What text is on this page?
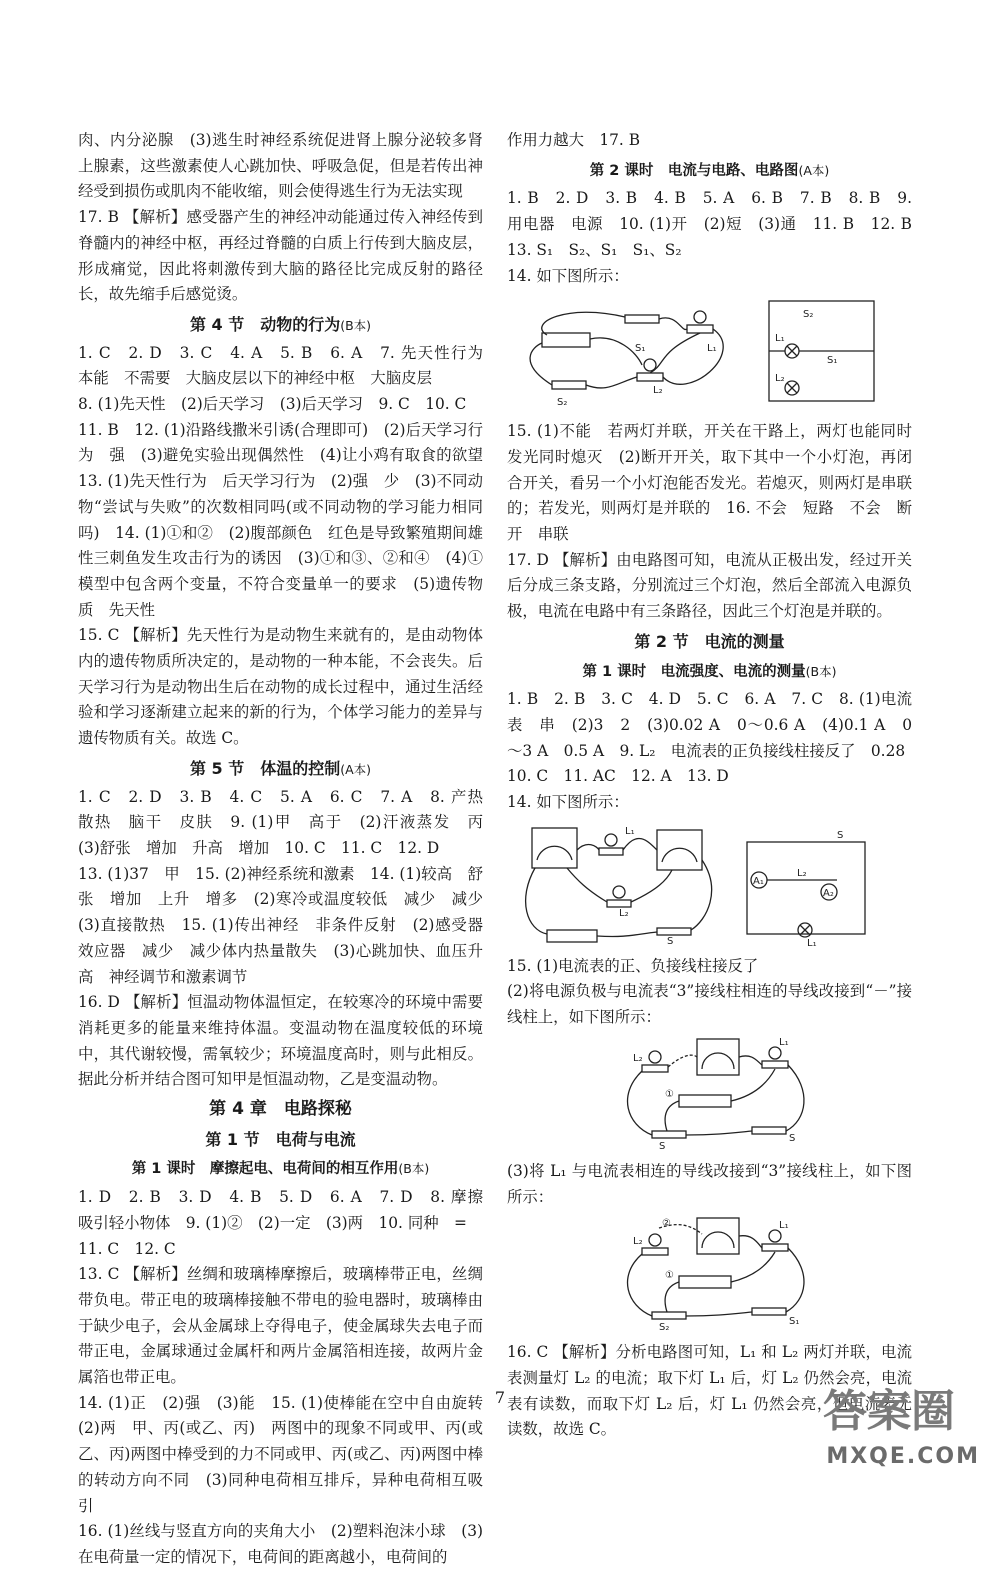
肉、内分泌腺　(3)逃生时神经系统促进肾上腺分泌较多肾上腺素，这些激素使人心跳加快、呼吸急促，但是若传出神经受到损伤或肌肉不能收缩，则会使得逃生行为无法实现

17. B 【解析】感受器产生的神经冲动能通过传入神经传到脊髓内的神经中枢，再经过脊髓的白质上行传到大脑皮层，形成痛觉，因此将刺激传到大脑的路径比完成反射的路径长，故先缩手后感觉烫。

第 4 节　动物的行为(B本)

1. C　2. D　3. C　4. A　5. B　6. A　7. 先天性行为　本能　不需要　大脑皮层以下的神经中枢　大脑皮层

8. (1)先天性　(2)后天学习　(3)后天学习　9. C　10. C

11. B　12. (1)沿路线撒米引诱(合理即可)　(2)后天学习行为　强　(3)避免实验出现偶然性　(4)让小鸡有取食的欲望　13. (1)先天性行为　后天学习行为　(2)强　少　(3)不同动物“尝试与失败”的次数相同吗(或不同动物的学习能力相同吗)　14. (1)①和②　(2)腹部颜色　红色是导致繁殖期间雄性三刺鱼发生攻击行为的诱因　(3)①和③、②和④　(4)①模型中包含两个变量，不符合变量单一的要求　(5)遗传物质　先天性

15. C 【解析】先天性行为是动物生来就有的，是由动物体内的遗传物质所决定的，是动物的一种本能，不会丧失。后天学习行为是动物出生后在动物的成长过程中，通过生活经验和学习逐渐建立起来的新的行为，个体学习能力的差异与遗传物质有关。故选 C。

第 5 节　体温的控制(A本)

1. C　2. D　3. B　4. C　5. A　6. C　7. A　8. 产热　散热　脑干　皮肤　9. (1)甲　高于　(2)汗液蒸发　丙　(3)舒张　增加　升高　增加　10. C　11. C　12. D

13. (1)37　甲　15. (2)神经系统和激素　14. (1)较高　舒张　增加　上升　增多　(2)寒冷或温度较低　减少　减少　(3)直接散热　15. (1)传出神经　非条件反射　(2)感受器　效应器　减少　减少体内热量散失　(3)心跳加快、血压升高　神经调节和激素调节

16. D 【解析】恒温动物体温恒定，在较寒冷的环境中需要消耗更多的能量来维持体温。变温动物在温度较低的环境中，其代谢较慢，需氧较少；环境温度高时，则与此相反。据此分析并结合图可知甲是恒温动物，乙是变温动物。

第 4 章　电路探秘
第 1 节　电荷与电流
第 1 课时　摩擦起电、电荷间的相互作用(B本)

1. D　2. B　3. D　4. B　5. D　6. A　7. D　8. 摩擦　吸引轻小物体　9. (1)②　(2)一定　(3)两　10. 同种　=

11. C　12. C

13. C 【解析】丝绸和玻璃棒摩擦后，玻璃棒带正电，丝绸带负电。带正电的玻璃棒接触不带电的验电器时，玻璃棒由于缺少电子，会从金属球上夺得电子，使金属球失去电子而带正电，金属球通过金属杆和两片金属箔相连接，故两片金属箔也带正电。

14. (1)正　(2)强　(3)能　15. (1)使棒能在空中自由旋转　(2)两　甲、丙(或乙、丙)　两图中的现象不同或甲、丙(或乙、丙)两图中棒受到的力不同或甲、丙(或乙、丙)两图中棒的转动方向不同　(3)同种电荷相互排斥，异种电荷相互吸引

16. (1)丝线与竖直方向的夹角大小　(2)塑料泡沫小球　(3)在电荷量一定的情况下，电荷间的距离越小，电荷间的

作用力越大　17. B

第 2 课时　电流与电路、电路图(A本)

1. B　2. D　3. B　4. B　5. A　6. B　7. B　8. B　9. 用电器　电源　10. (1)开　(2)短　(3)通　11. B　12. B　13. S₁　S₂、S₁　S₁、S₂

14. 如下图所示：

S₁
S₂
L₁
L₂
L₁
L₂
S₂
S₁

15. (1)不能　若两灯并联，开关在干路上，两灯也能同时发光同时熄灭　(2)断开开关，取下其中一个小灯泡，再闭合开关，看另一个小灯泡能否发光。若熄灭，则两灯是串联的；若发光，则两灯是并联的　16. 不会　短路　不会　断开　串联

17. D 【解析】由电路图可知，电流从正极出发，经过开关后分成三条支路，分别流过三个灯泡，然后全部流入电源负极，电流在电路中有三条路径，因此三个灯泡是并联的。

第 2 节　电流的测量
第 1 课时　电流强度、电流的测量(B本)

1. B　2. B　3. C　4. D　5. C　6. A　7. C　8. (1)电流表　串　(2)3　2　(3)0.02 A　0～0.6 A　(4)0.1 A　0～3 A　0.5 A　9. L₂　电流表的正负接线柱接反了　0.28

10. C　11. AC　12. A　13. D

14. 如下图所示：

A₁
A₂
L₂
L₁
S
L₂
L₁
S

15. (1)电流表的正、负接线柱接反了

(2)将电源负极与电流表“3”接线柱相连的导线改接到“－”接线柱上，如下图所示：

L₂
L₁
①
S
S

(3)将 L₁ 与电流表相连的导线改接到“3”接线柱上，如下图所示：

L₂
L₁
②
①
S₂
S₁

16. C 【解析】分析电路图可知，L₁ 和 L₂ 两灯并联，电流表测量灯 L₂ 的电流；取下灯 L₁ 后，灯 L₂ 仍然会亮，电流表有读数，而取下灯 L₂ 后，灯 L₁ 仍然会亮，但电流表无读数，故选 C。

7	答案圈
MXQE.COM
